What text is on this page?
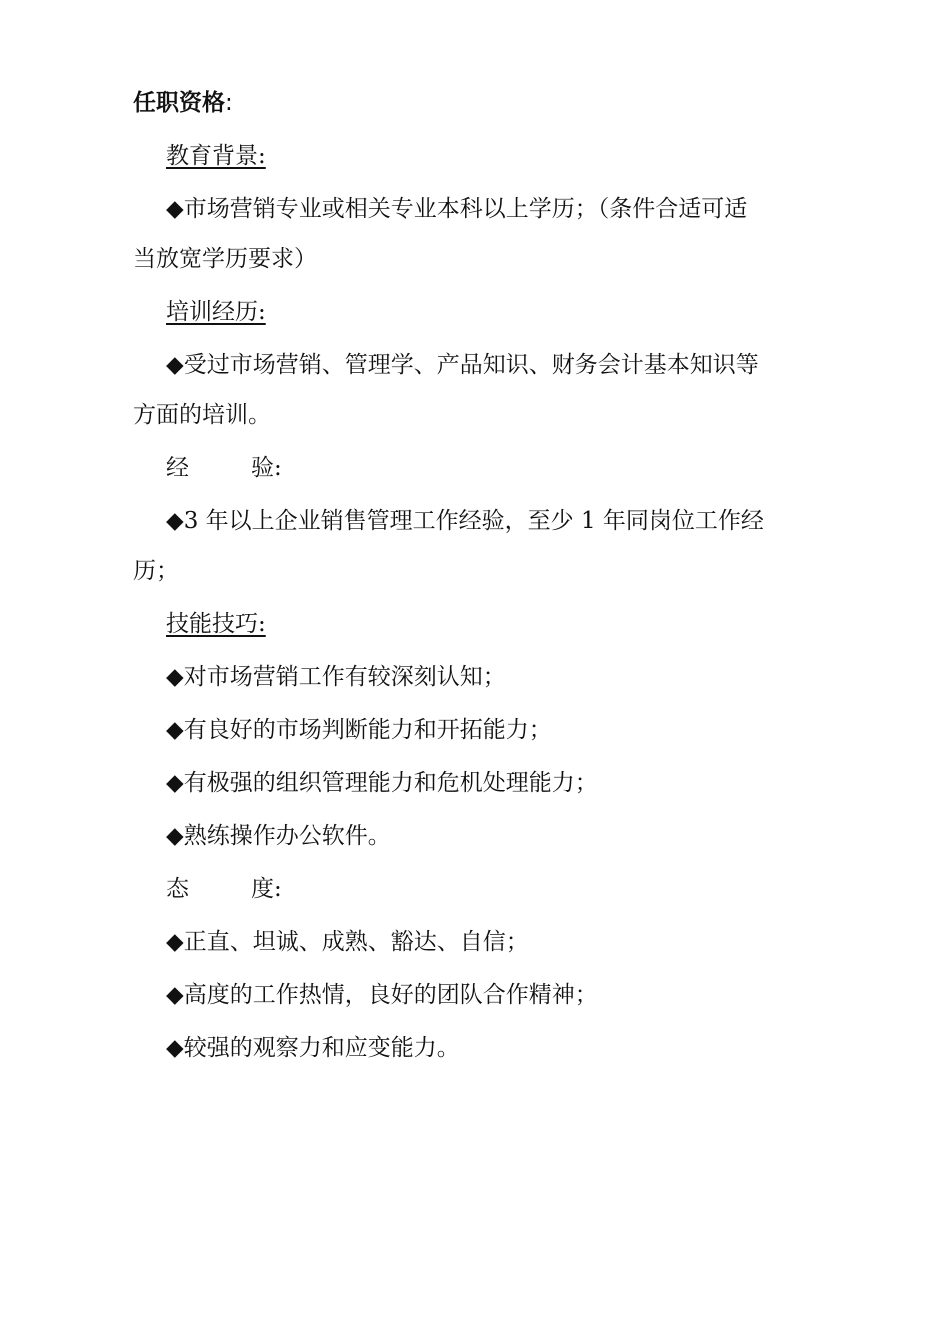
任职资格:
教育背景:
◆市场营销专业或相关专业本科以上学历；（条件合适可适
当放宽学历要求）
培训经历:
◆受过市场营销、管理学、产品知识、财务会计基本知识等
方面的培训。
经	验:
◆3 年以上企业销售管理工作经验，至少 1 年同岗位工作经
历；
技能技巧:
◆对市场营销工作有较深刻认知；
◆有良好的市场判断能力和开拓能力；
◆有极强的组织管理能力和危机处理能力；
◆熟练操作办公软件。
态	度:
◆正直、坦诚、成熟、豁达、自信；
◆高度的工作热情，良好的团队合作精神；
◆较强的观察力和应变能力。
